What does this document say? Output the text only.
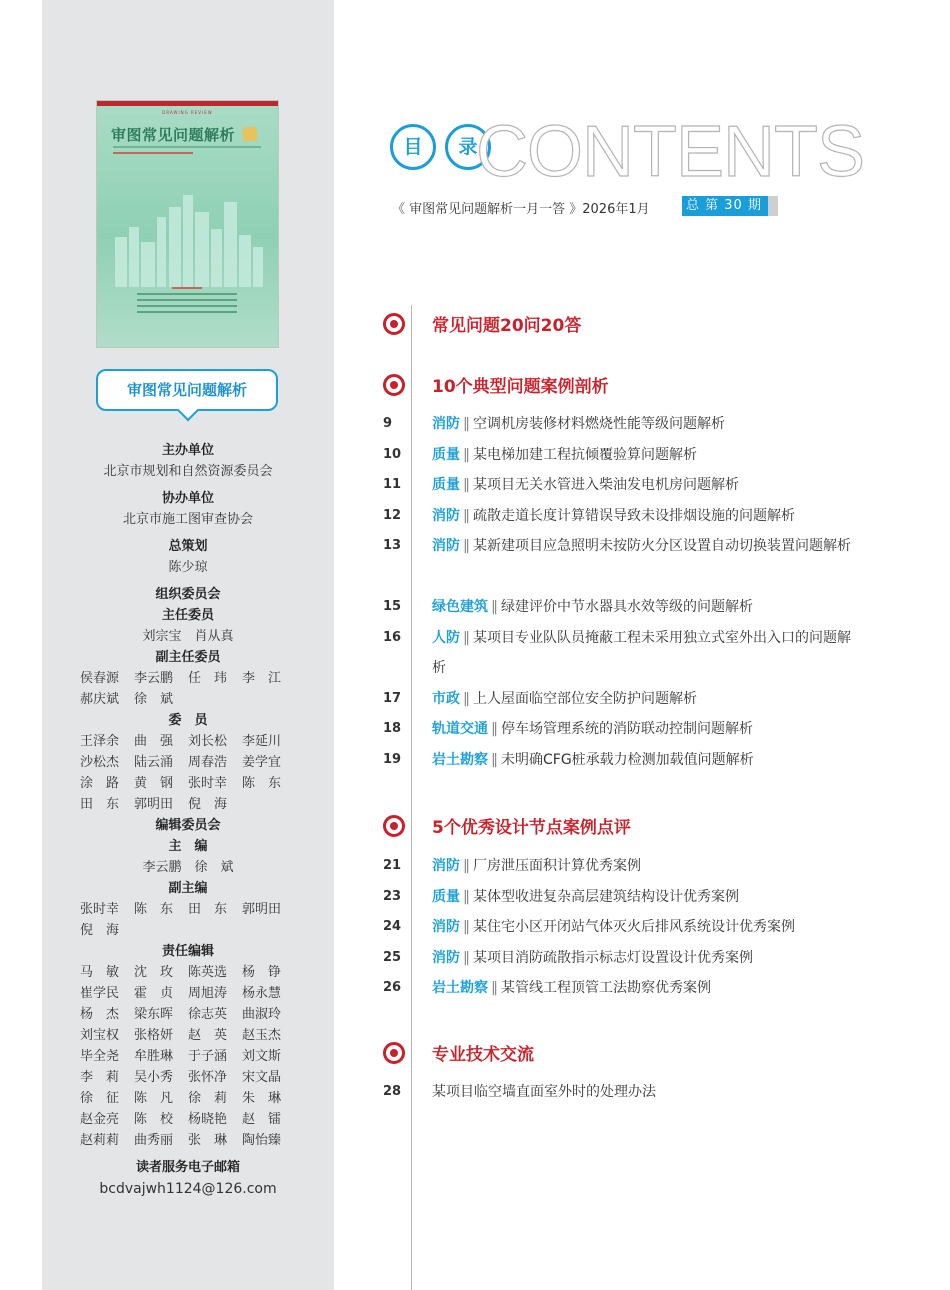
DRAWING REVIEW
审图常见问题解析
审图常见问题解析
主办单位
北京市规划和自然资源委员会
协办单位
北京市施工图审查协会
总策划
陈少琼
组织委员会
主任委员
刘宗宝　肖从真
副主任委员
侯春源	李云鹏	任　玮	李　江
郝庆斌	徐　斌
委　员
王泽余	曲　强	刘长松	李延川
沙松杰	陆云涌	周春浩	姜学宜
涂　路	黄　钢	张时幸	陈　东
田　东	郭明田	倪　海
编辑委员会
主　编
李云鹏　徐　斌
副主编
张时幸	陈　东	田　东	郭明田
倪　海
责任编辑
马　敏	沈　玫	陈英选	杨　铮
崔学民	霍　贞	周旭涛	杨永慧
杨　杰	梁东晖	徐志英	曲淑玲
刘宝权	张格妍	赵　英	赵玉杰
毕全尧	牟胜琳	于子涵	刘文斯
李　莉	吴小秀	张怀净	宋文晶
徐　征	陈　凡	徐　莉	朱　琳
赵金亮	陈　校	杨晓艳	赵　镭
赵莉莉	曲秀丽	张　琳	陶怡臻
读者服务电子邮箱
bcdvajwh1124@126.com
目	录
CONTENTS
《 审图常见问题解析一月一答 》2026年1月	总 第 30 期
常见问题20问20答
10个典型问题案例剖析
9	消防 ‖ 空调机房装修材料燃烧性能等级问题解析
10	质量 ‖ 某电梯加建工程抗倾覆验算问题解析
11	质量 ‖ 某项目无关水管进入柴油发电机房问题解析
12	消防 ‖ 疏散走道长度计算错误导致未设排烟设施的问题解析
13	消防 ‖ 某新建项目应急照明未按防火分区设置自动切换装置问题解析
15	绿色建筑 ‖ 绿建评价中节水器具水效等级的问题解析
16	人防 ‖ 某项目专业队队员掩蔽工程未采用独立式室外出入口的问题解析
17	市政 ‖ 上人屋面临空部位安全防护问题解析
18	轨道交通 ‖ 停车场管理系统的消防联动控制问题解析
19	岩土勘察 ‖ 未明确CFG桩承载力检测加载值问题解析
5个优秀设计节点案例点评
21	消防 ‖ 厂房泄压面积计算优秀案例
23	质量 ‖ 某体型收进复杂高层建筑结构设计优秀案例
24	消防 ‖ 某住宅小区开闭站气体灭火后排风系统设计优秀案例
25	消防 ‖ 某项目消防疏散指示标志灯设置设计优秀案例
26	岩土勘察 ‖ 某管线工程顶管工法勘察优秀案例
专业技术交流
28	某项目临空墙直面室外时的处理办法
